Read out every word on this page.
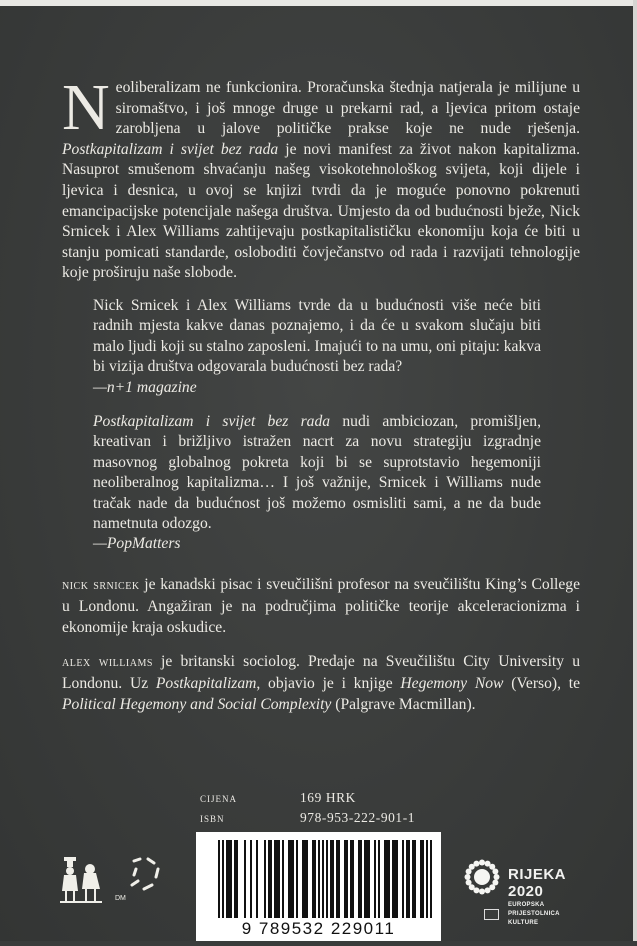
Neoliberalizam ne funkcionira. Proračunska štednja natjerala je milijune u siromaštvo, i još mnoge druge u prekarni rad, a ljevica pritom ostaje zarobljena u jalove političke prakse koje ne nude rješenja. Postkapitalizam i svijet bez rada je novi manifest za život nakon kapitalizma. Nasuprot smušenom shvaćanju našeg visokotehnološkog svijeta, koji dijele i ljevica i desnica, u ovoj se knjizi tvrdi da je moguće ponovno pokrenuti emancipacijske potencijale našega društva. Umjesto da od budućnosti bježe, Nick Srnicek i Alex Williams zahtijevaju postkapitalističku ekonomiju koja će biti u stanju pomicati standarde, osloboditi čovječanstvo od rada i razvijati tehnologije koje proširuju naše slobode.
Nick Srnicek i Alex Williams tvrde da u budućnosti više neće biti radnih mjesta kakve danas poznajemo, i da će u svakom slučaju biti malo ljudi koji su stalno zaposleni. Imajući to na umu, oni pitaju: kakva bi vizija društva odgovarala budućnosti bez rada?
—n+1 magazine
Postkapitalizam i svijet bez rada nudi ambiciozan, promišljen, kreativan i brižljivo istražen nacrt za novu strategiju izgradnje masovnog globalnog pokreta koji bi se suprotstavio hegemoniji neoliberalnog kapitalizma… I još važnije, Srnicek i Williams nude tračak nade da budućnost još možemo osmisliti sami, a ne da bude nametnuta odozgo.
—PopMatters
nick srnicek je kanadski pisac i sveučilišni profesor na sveučilištu King’s College u Londonu. Angažiran je na područjima političke teorije akceleracionizma i ekonomije kraja oskudice.
alex williams je britanski sociolog. Predaje na Sveučilištu City University u Londonu. Uz Postkapitalizam, objavio je i knjige Hegemony Now (Verso), te Political Hegemony and Social Complexity (Palgrave Macmillan).
cijena	169 HRK
isbn	978-953-222-901-1
9 789532 229011
DM
RIJEKA
2020
EUROPSKA
PRIJESTOLNICA
KULTURE
